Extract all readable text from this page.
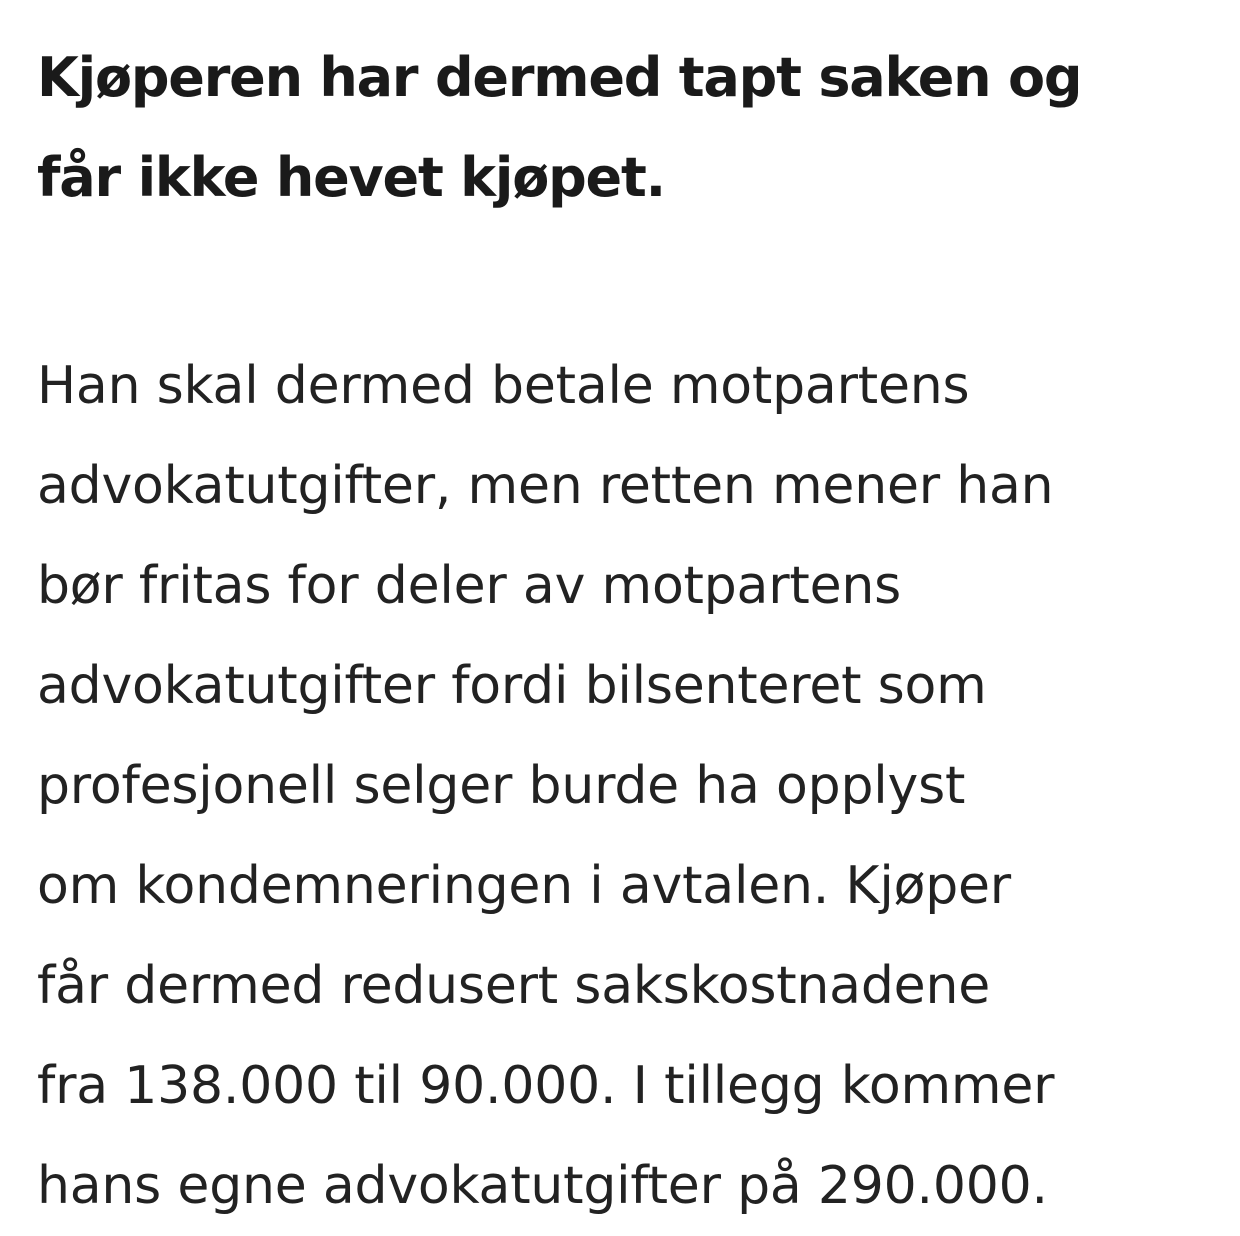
Kjøperen har dermed tapt saken og
får ikke hevet kjøpet.

Han skal dermed betale motpartens
advokatutgifter, men retten mener han
bør fritas for deler av motpartens
advokatutgifter fordi bilsenteret som
profesjonell selger burde ha opplyst
om kondemneringen i avtalen. Kjøper
får dermed redusert sakskostnadene
fra 138.000 til 90.000. I tillegg kommer
hans egne advokatutgifter på 290.000.
